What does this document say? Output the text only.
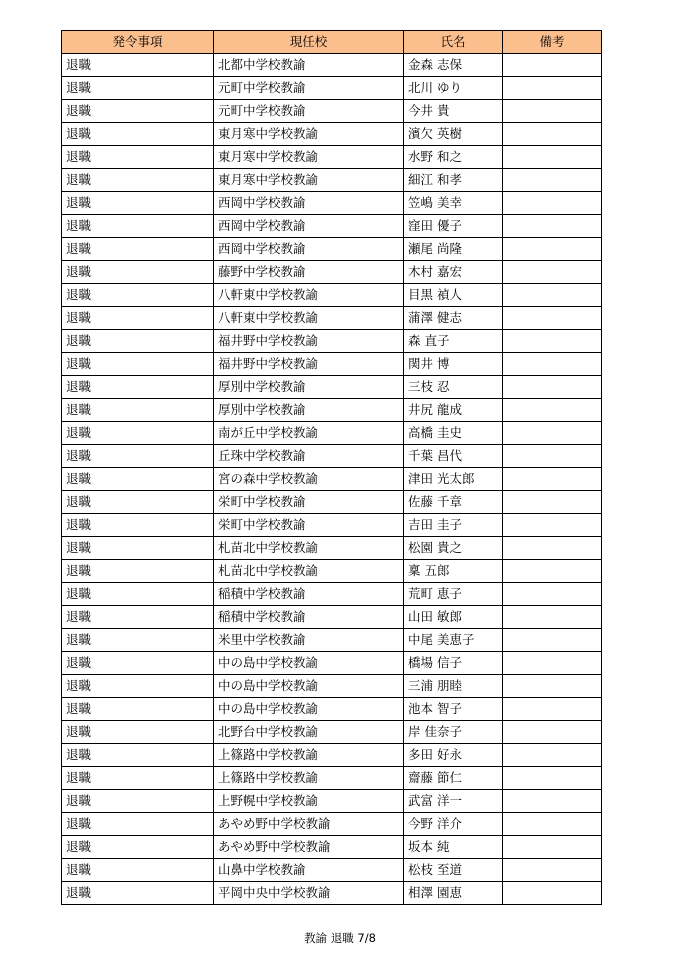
発令事項	現任校	氏名	備考
退職	北都中学校教諭	金森 志保	
退職	元町中学校教諭	北川 ゆり	
退職	元町中学校教諭	今井 貴	
退職	東月寒中学校教諭	濱欠 英樹	
退職	東月寒中学校教諭	水野 和之	
退職	東月寒中学校教諭	細江 和孝	
退職	西岡中学校教諭	笠嶋 美幸	
退職	西岡中学校教諭	窪田 優子	
退職	西岡中学校教諭	瀬尾 尚隆	
退職	藤野中学校教諭	木村 嘉宏	
退職	八軒東中学校教諭	目黒 禎人	
退職	八軒東中学校教諭	蒲澤 健志	
退職	福井野中学校教諭	森 直子	
退職	福井野中学校教諭	関井 博	
退職	厚別中学校教諭	三枝 忍	
退職	厚別中学校教諭	井尻 龍成	
退職	南が丘中学校教諭	高橋 圭史	
退職	丘珠中学校教諭	千葉 昌代	
退職	宮の森中学校教諭	津田 光太郎	
退職	栄町中学校教諭	佐藤 千章	
退職	栄町中学校教諭	吉田 圭子	
退職	札苗北中学校教諭	松園 貴之	
退職	札苗北中学校教諭	稟 五郎	
退職	稲積中学校教諭	荒町 恵子	
退職	稲積中学校教諭	山田 敏郎	
退職	米里中学校教諭	中尾 美恵子	
退職	中の島中学校教諭	橋場 信子	
退職	中の島中学校教諭	三浦 朋睦	
退職	中の島中学校教諭	池本 智子	
退職	北野台中学校教諭	岸 佳奈子	
退職	上篠路中学校教諭	多田 好永	
退職	上篠路中学校教諭	齋藤 節仁	
退職	上野幌中学校教諭	武富 洋一	
退職	あやめ野中学校教諭	今野 洋介	
退職	あやめ野中学校教諭	坂本 純	
退職	山鼻中学校教諭	松枝 至道	
退職	平岡中央中学校教諭	相澤 園恵	
教諭 退職 7/8
